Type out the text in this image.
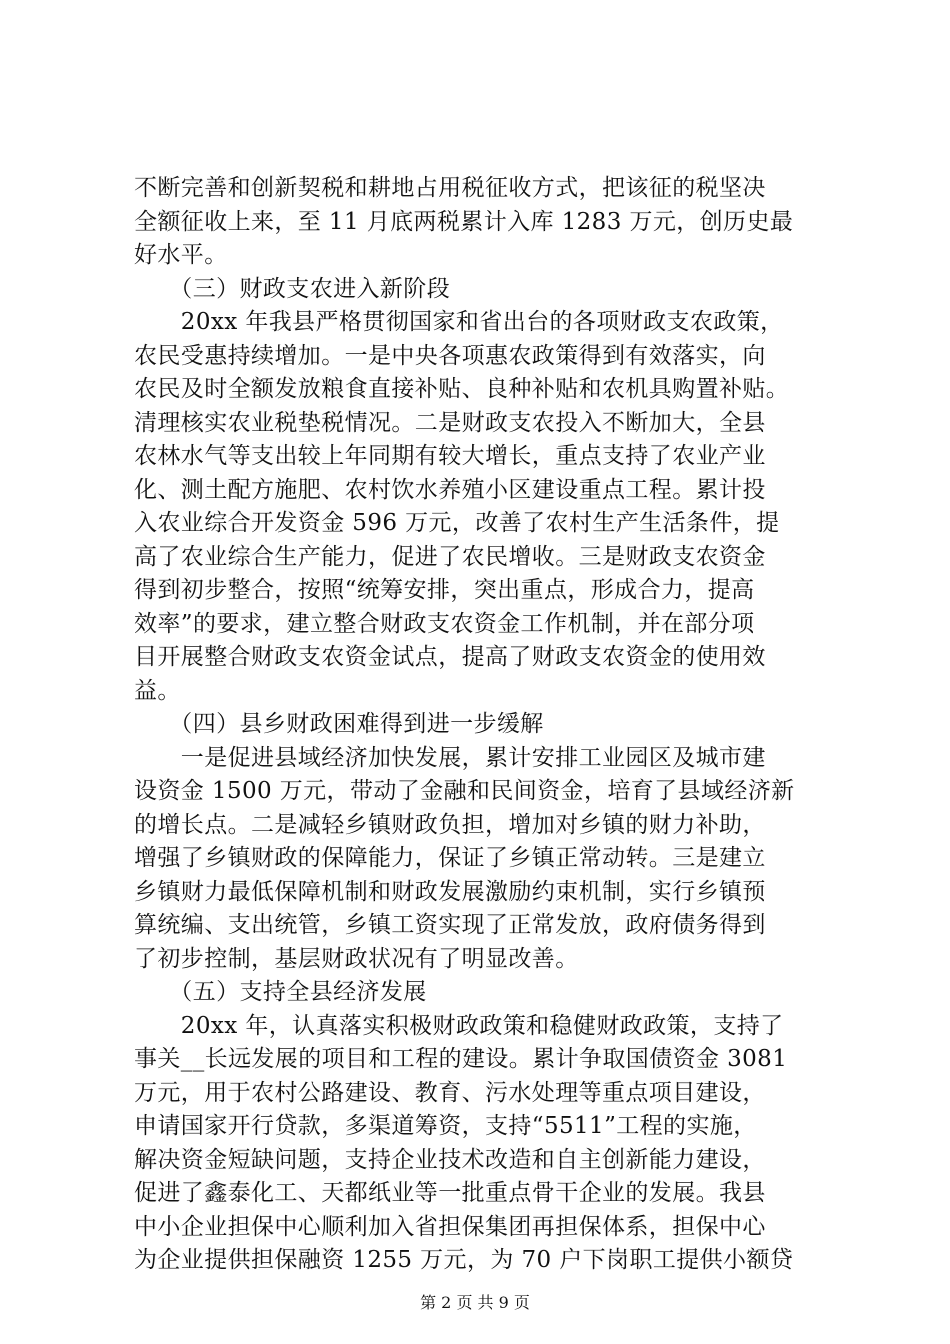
不断完善和创新契税和耕地占用税征收方式，把该征的税坚决
全额征收上来，至 11 月底两税累计入库 1283 万元，创历史最
好水平。
　　（三）财政支农进入新阶段
　　20xx 年我县严格贯彻国家和省出台的各项财政支农政策，
农民受惠持续增加。一是中央各项惠农政策得到有效落实，向
农民及时全额发放粮食直接补贴、良种补贴和农机具购置补贴。
清理核实农业税垫税情况。二是财政支农投入不断加大，全县
农林水气等支出较上年同期有较大增长，重点支持了农业产业
化、测土配方施肥、农村饮水养殖小区建设重点工程。累计投
入农业综合开发资金 596 万元，改善了农村生产生活条件，提
高了农业综合生产能力，促进了农民增收。三是财政支农资金
得到初步整合，按照“统筹安排，突出重点，形成合力，提高
效率”的要求，建立整合财政支农资金工作机制，并在部分项
目开展整合财政支农资金试点，提高了财政支农资金的使用效
益。
　　（四）县乡财政困难得到进一步缓解
　　一是促进县域经济加快发展，累计安排工业园区及城市建
设资金 1500 万元，带动了金融和民间资金，培育了县域经济新
的增长点。二是减轻乡镇财政负担，增加对乡镇的财力补助，
增强了乡镇财政的保障能力，保证了乡镇正常动转。三是建立
乡镇财力最低保障机制和财政发展激励约束机制，实行乡镇预
算统编、支出统管，乡镇工资实现了正常发放，政府债务得到
了初步控制，基层财政状况有了明显改善。
　　（五）支持全县经济发展
　　20xx 年，认真落实积极财政政策和稳健财政政策，支持了
事关__长远发展的项目和工程的建设。累计争取国债资金 3081
万元，用于农村公路建设、教育、污水处理等重点项目建设，
申请国家开行贷款，多渠道筹资，支持“5511”工程的实施，
解决资金短缺问题，支持企业技术改造和自主创新能力建设，
促进了鑫泰化工、天都纸业等一批重点骨干企业的发展。我县
中小企业担保中心顺利加入省担保集团再担保体系，担保中心
为企业提供担保融资 1255 万元，为 70 户下岗职工提供小额贷
第 2 页 共 9 页
